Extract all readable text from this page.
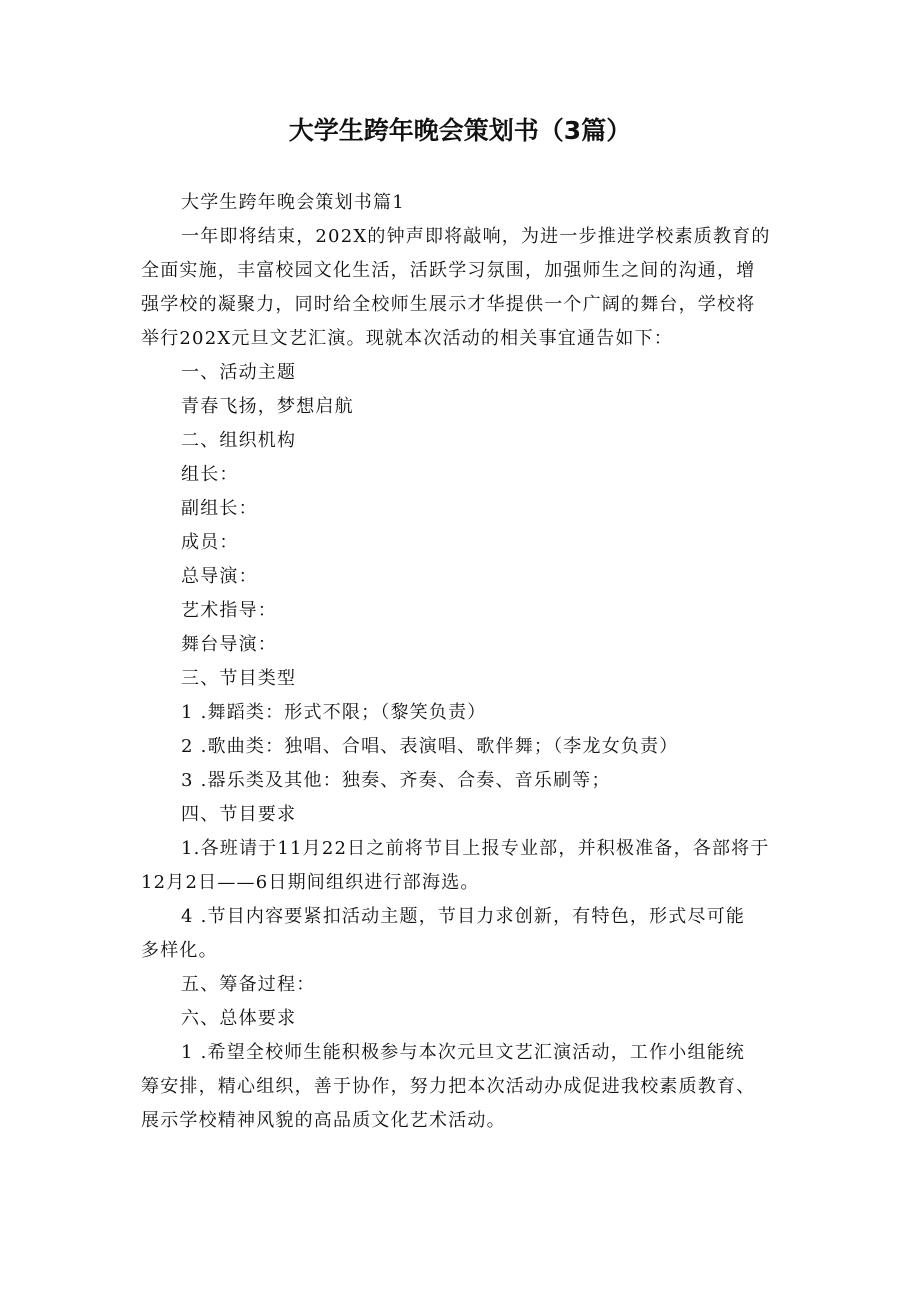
大学生跨年晚会策划书（3篇）

大学生跨年晚会策划书篇1

一年即将结束，202X的钟声即将敲响，为进一步推进学校素质教育的

全面实施，丰富校园文化生活，活跃学习氛围，加强师生之间的沟通，增

强学校的凝聚力，同时给全校师生展示才华提供一个广阔的舞台，学校将

举行202X元旦文艺汇演。现就本次活动的相关事宜通告如下：

一、活动主题

青春飞扬，梦想启航

二、组织机构

组长：

副组长：

成员：

总导演：

艺术指导：

舞台导演：

三、节目类型

1 .舞蹈类：形式不限；（黎笑负责）

2 .歌曲类：独唱、合唱、表演唱、歌伴舞；（李龙女负责）

3 .器乐类及其他：独奏、齐奏、合奏、音乐刷等；

四、节目要求

1.各班请于11月22日之前将节目上报专业部，并积极准备，各部将于

12月2日——6日期间组织进行部海选。

4 .节目内容要紧扣活动主题，节目力求创新，有特色，形式尽可能

多样化。

五、筹备过程：

六、总体要求

1 .希望全校师生能积极参与本次元旦文艺汇演活动，工作小组能统

筹安排，精心组织，善于协作，努力把本次活动办成促进我校素质教育、

展示学校精神风貌的高品质文化艺术活动。
